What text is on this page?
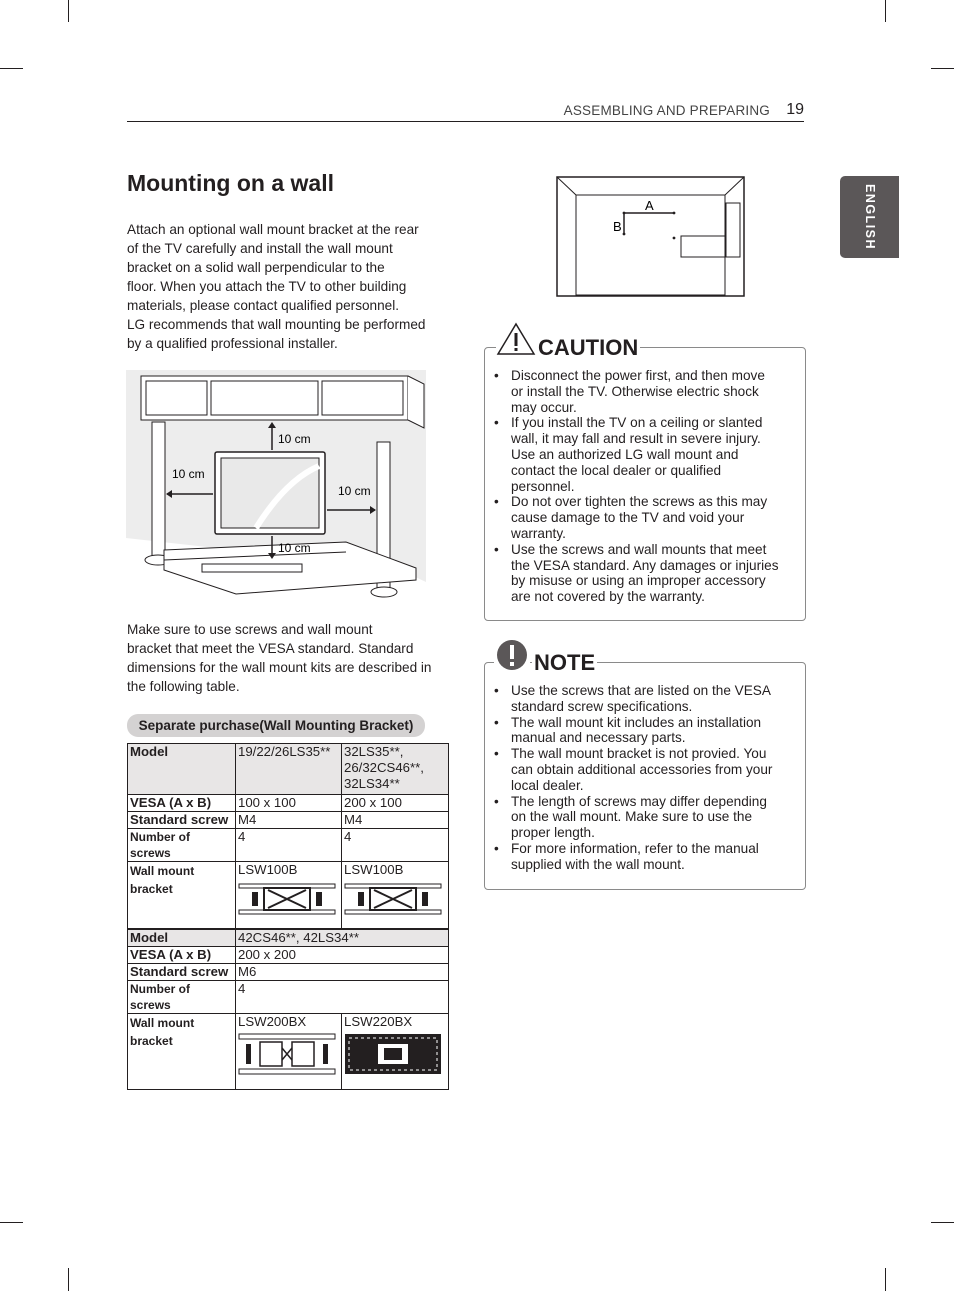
ASSEMBLING AND PREPARING 19
ENGLISH
Mounting on a wall

Attach an optional wall mount bracket at the rear
of the TV carefully and install the wall mount
bracket on a solid wall perpendicular to the
floor. When you attach the TV to other building
materials, please contact qualified personnel.
LG recommends that wall mounting be performed
by a qualified professional installer.

10 cm
10 cm
10 cm
10 cm

Make sure to use screws and wall mount
bracket that meet the VESA standard. Standard
dimensions for the wall mount kits are described in
the following table.

Separate purchase(Wall Mounting Bracket)
Model	19/22/26LS35**	32LS35**,
26/32CS46**,
32LS34**
VESA (A x B)	100 x 100	200 x 100
Standard screw	M4	M4
Number of
screws	4	4
Wall mount
bracket	LSW100B	LSW100B
Model	42CS46**, 42LS34**	
VESA (A x B)	200 x 200	
Standard screw	M6	
Number of
screws	4	
Wall mount
bracket	LSW200BX	LSW220BX
A
B
• Disconnect the power first, and then move
or install the TV. Otherwise electric shock
may occur.
• If you install the TV on a ceiling or slanted
wall, it may fall and result in severe injury.
Use an authorized LG wall mount and
contact the local dealer or qualified
personnel.
• Do not over tighten the screws as this may
cause damage to the TV and void your
warranty.
• Use the screws and wall mounts that meet
the VESA standard. Any damages or injuries
by misuse or using an improper accessory
are not covered by the warranty.
CAUTION
• Use the screws that are listed on the VESA
standard screw specifications.
• The wall mount kit includes an installation
manual and necessary parts.
• The wall mount bracket is not provied. You
can obtain additional accessories from your
local dealer.
• The length of screws may differ depending
on the wall mount. Make sure to use the
proper length.
• For more information, refer to the manual
supplied with the wall mount.
NOTE
